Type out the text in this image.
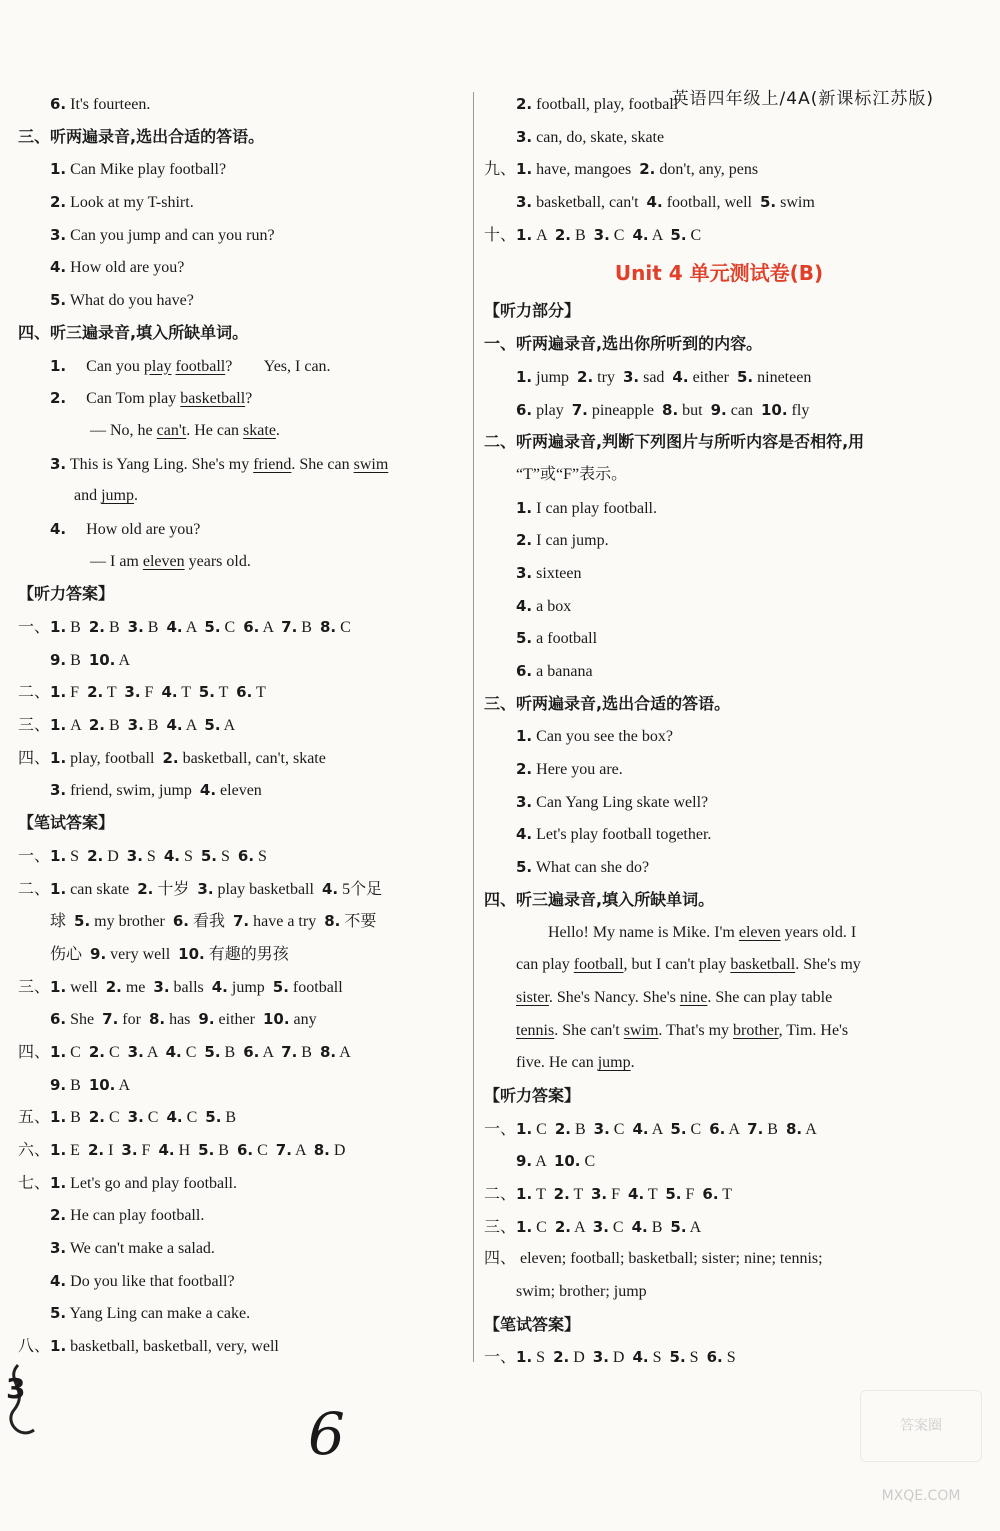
英语四年级上/4A(新课标江苏版)
6. It's fourteen.
三、听两遍录音,选出合适的答语。
1. Can Mike play football?
2. Look at my T-shirt.
3. Can you jump and can you run?
4. How old are you?
5. What do you have?
四、听三遍录音,填入所缺单词。
1.     Can you play football?        Yes, I can.
2.     Can Tom play basketball?
— No, he can't. He can skate.
3. This is Yang Ling. She's my friend. She can swim
and jump.
4.     How old are you?
— I am eleven years old.
【听力答案】
一、1. B  2. B  3. B  4. A  5. C  6. A  7. B  8. C
9. B  10. A
二、1. F  2. T  3. F  4. T  5. T  6. T
三、1. A  2. B  3. B  4. A  5. A
四、1. play, football  2. basketball, can't, skate
3. friend, swim, jump  4. eleven
【笔试答案】
一、1. S  2. D  3. S  4. S  5. S  6. S
二、1. can skate  2. 十岁  3. play basketball  4. 5个足
球  5. my brother  6. 看我  7. have a try  8. 不要
伤心  9. very well  10. 有趣的男孩
三、1. well  2. me  3. balls  4. jump  5. football
6. She  7. for  8. has  9. either  10. any
四、1. C  2. C  3. A  4. C  5. B  6. A  7. B  8. A
9. B  10. A
五、1. B  2. C  3. C  4. C  5. B
六、1. E  2. I  3. F  4. H  5. B  6. C  7. A  8. D
七、1. Let's go and play football.
2. He can play football.
3. We can't make a salad.
4. Do you like that football?
5. Yang Ling can make a cake.
八、1. basketball, basketball, very, well
2. football, play, football
3. can, do, skate, skate
九、1. have, mangoes  2. don't, any, pens
3. basketball, can't  4. football, well  5. swim
十、1. A  2. B  3. C  4. A  5. C
Unit 4 单元测试卷(B)
【听力部分】
一、听两遍录音,选出你所听到的内容。
1. jump  2. try  3. sad  4. either  5. nineteen
6. play  7. pineapple  8. but  9. can  10. fly
二、听两遍录音,判断下列图片与所听内容是否相符,用
“T”或“F”表示。
1. I can play football.
2. I can jump.
3. sixteen
4. a box
5. a football
6. a banana
三、听两遍录音,选出合适的答语。
1. Can you see the box?
2. Here you are.
3. Can Yang Ling skate well?
4. Let's play football together.
5. What can she do?
四、听三遍录音,填入所缺单词。
Hello! My name is Mike. I'm eleven years old. I
can play football, but I can't play basketball. She's my
sister. She's Nancy. She's nine. She can play table
tennis. She can't swim. That's my brother, Tim. He's
five. He can jump.
【听力答案】
一、1. C  2. B  3. C  4. A  5. C  6. A  7. B  8. A
9. A  10. C
二、1. T  2. T  3. F  4. T  5. F  6. T
三、1. C  2. A  3. C  4. B  5. A
四、 eleven; football; basketball; sister; nine; tennis;
swim; brother; jump
【笔试答案】
一、1. S  2. D  3. D  4. S  5. S  6. S
3
6	答案圈 MXQE.COM
